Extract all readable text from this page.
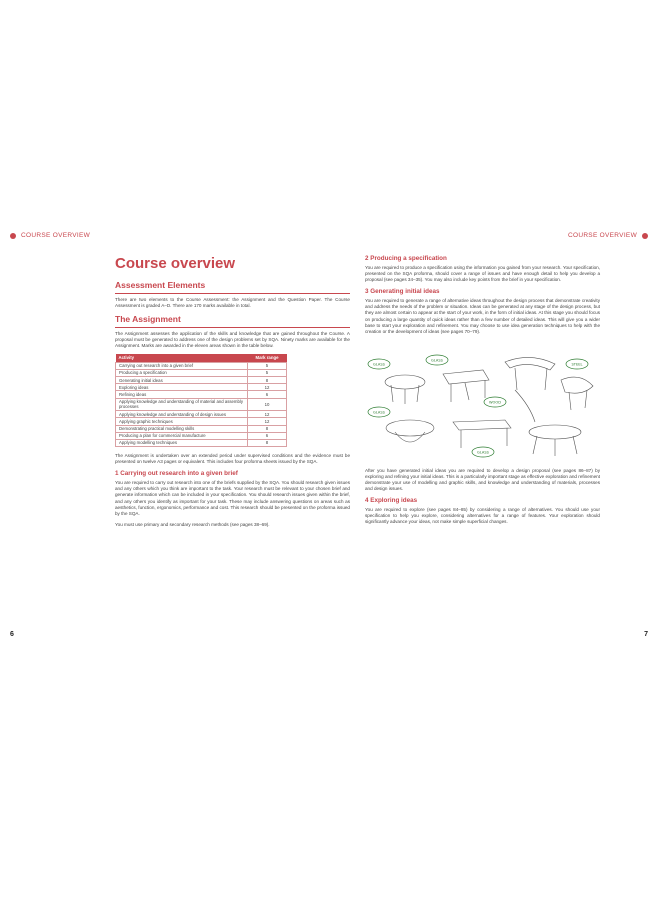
COURSE OVERVIEW	COURSE OVERVIEW
Course overview
Assessment Elements

There are two elements to the Course Assessment: the Assignment and the Question Paper. The Course Assessment is graded A–D. There are 170 marks available in total.

The Assignment

The Assignment assesses the application of the skills and knowledge that are gained throughout the Course. A proposal must be generated to address one of the design problems set by SQA. Ninety marks are available for the Assignment. Marks are awarded in the eleven areas shown in the table below.

Activity	Mark range
Carrying out research into a given brief	5
Producing a specification	5
Generating initial ideas	8
Exploring ideas	12
Refining ideas	6
Applying knowledge and understanding of material and assembly processes	10
Applying knowledge and understanding of design issues	12
Applying graphic techniques	12
Demonstrating practical modelling skills	8
Producing a plan for commercial manufacture	6
Applying modelling techniques	8

The Assignment is undertaken over an extended period under supervised conditions and the evidence must be presented on twelve A3 pages or equivalent. This includes four proforma sheets issued by the SQA.

1 Carrying out research into a given brief

You are required to carry out research into one of the briefs supplied by the SQA. You should research given issues and any others which you think are important to the task. Your research must be relevant to your chosen brief and generate information which can be included in your specification. You should research issues given within the brief, and any others you identify as important for your task. These may include answering questions on areas such as aesthetics, function, ergonomics, performance and cost. This research should be presented on the proforma issued by the SQA.

You must use primary and secondary research methods (see pages 38–69).

2 Producing a specification

You are required to produce a specification using the information you gained from your research. Your specification, presented on the SQA proforma, should cover a range of issues and have enough detail to help you develop a proposal (see pages 34–35). You may also include key points from the brief in your specification.

3 Generating initial ideas

You are required to generate a range of alternative ideas throughout the design process that demonstrate creativity and address the needs of the problem or situation. Ideas can be generated at any stage of the design process, but they are almost certain to appear at the start of your work, in the form of initial ideas. At this stage you should focus on producing a large quantity of quick ideas rather than a few number of detailed ideas. This will give you a wider base to start your exploration and refinement. You may choose to use idea generation techniques to help with the creation or the development of ideas (see pages 70–79).

GLASS
GLASS
WOOD
STEEL
GLASS
GLASS

After you have generated initial ideas you are required to develop a design proposal (see pages 86–87) by exploring and refining your initial ideas. This is a particularly important stage as effective exploration and refinement demonstrate your use of modelling and graphic skills, and knowledge and understanding of materials, processes and design issues.

4 Exploring ideas

You are required to explore (see pages 84–85) by considering a range of alternatives. You should use your specification to help you explore, considering alternatives for a range of features. Your exploration should significantly advance your ideas, not make simple superficial changes.

6	7
